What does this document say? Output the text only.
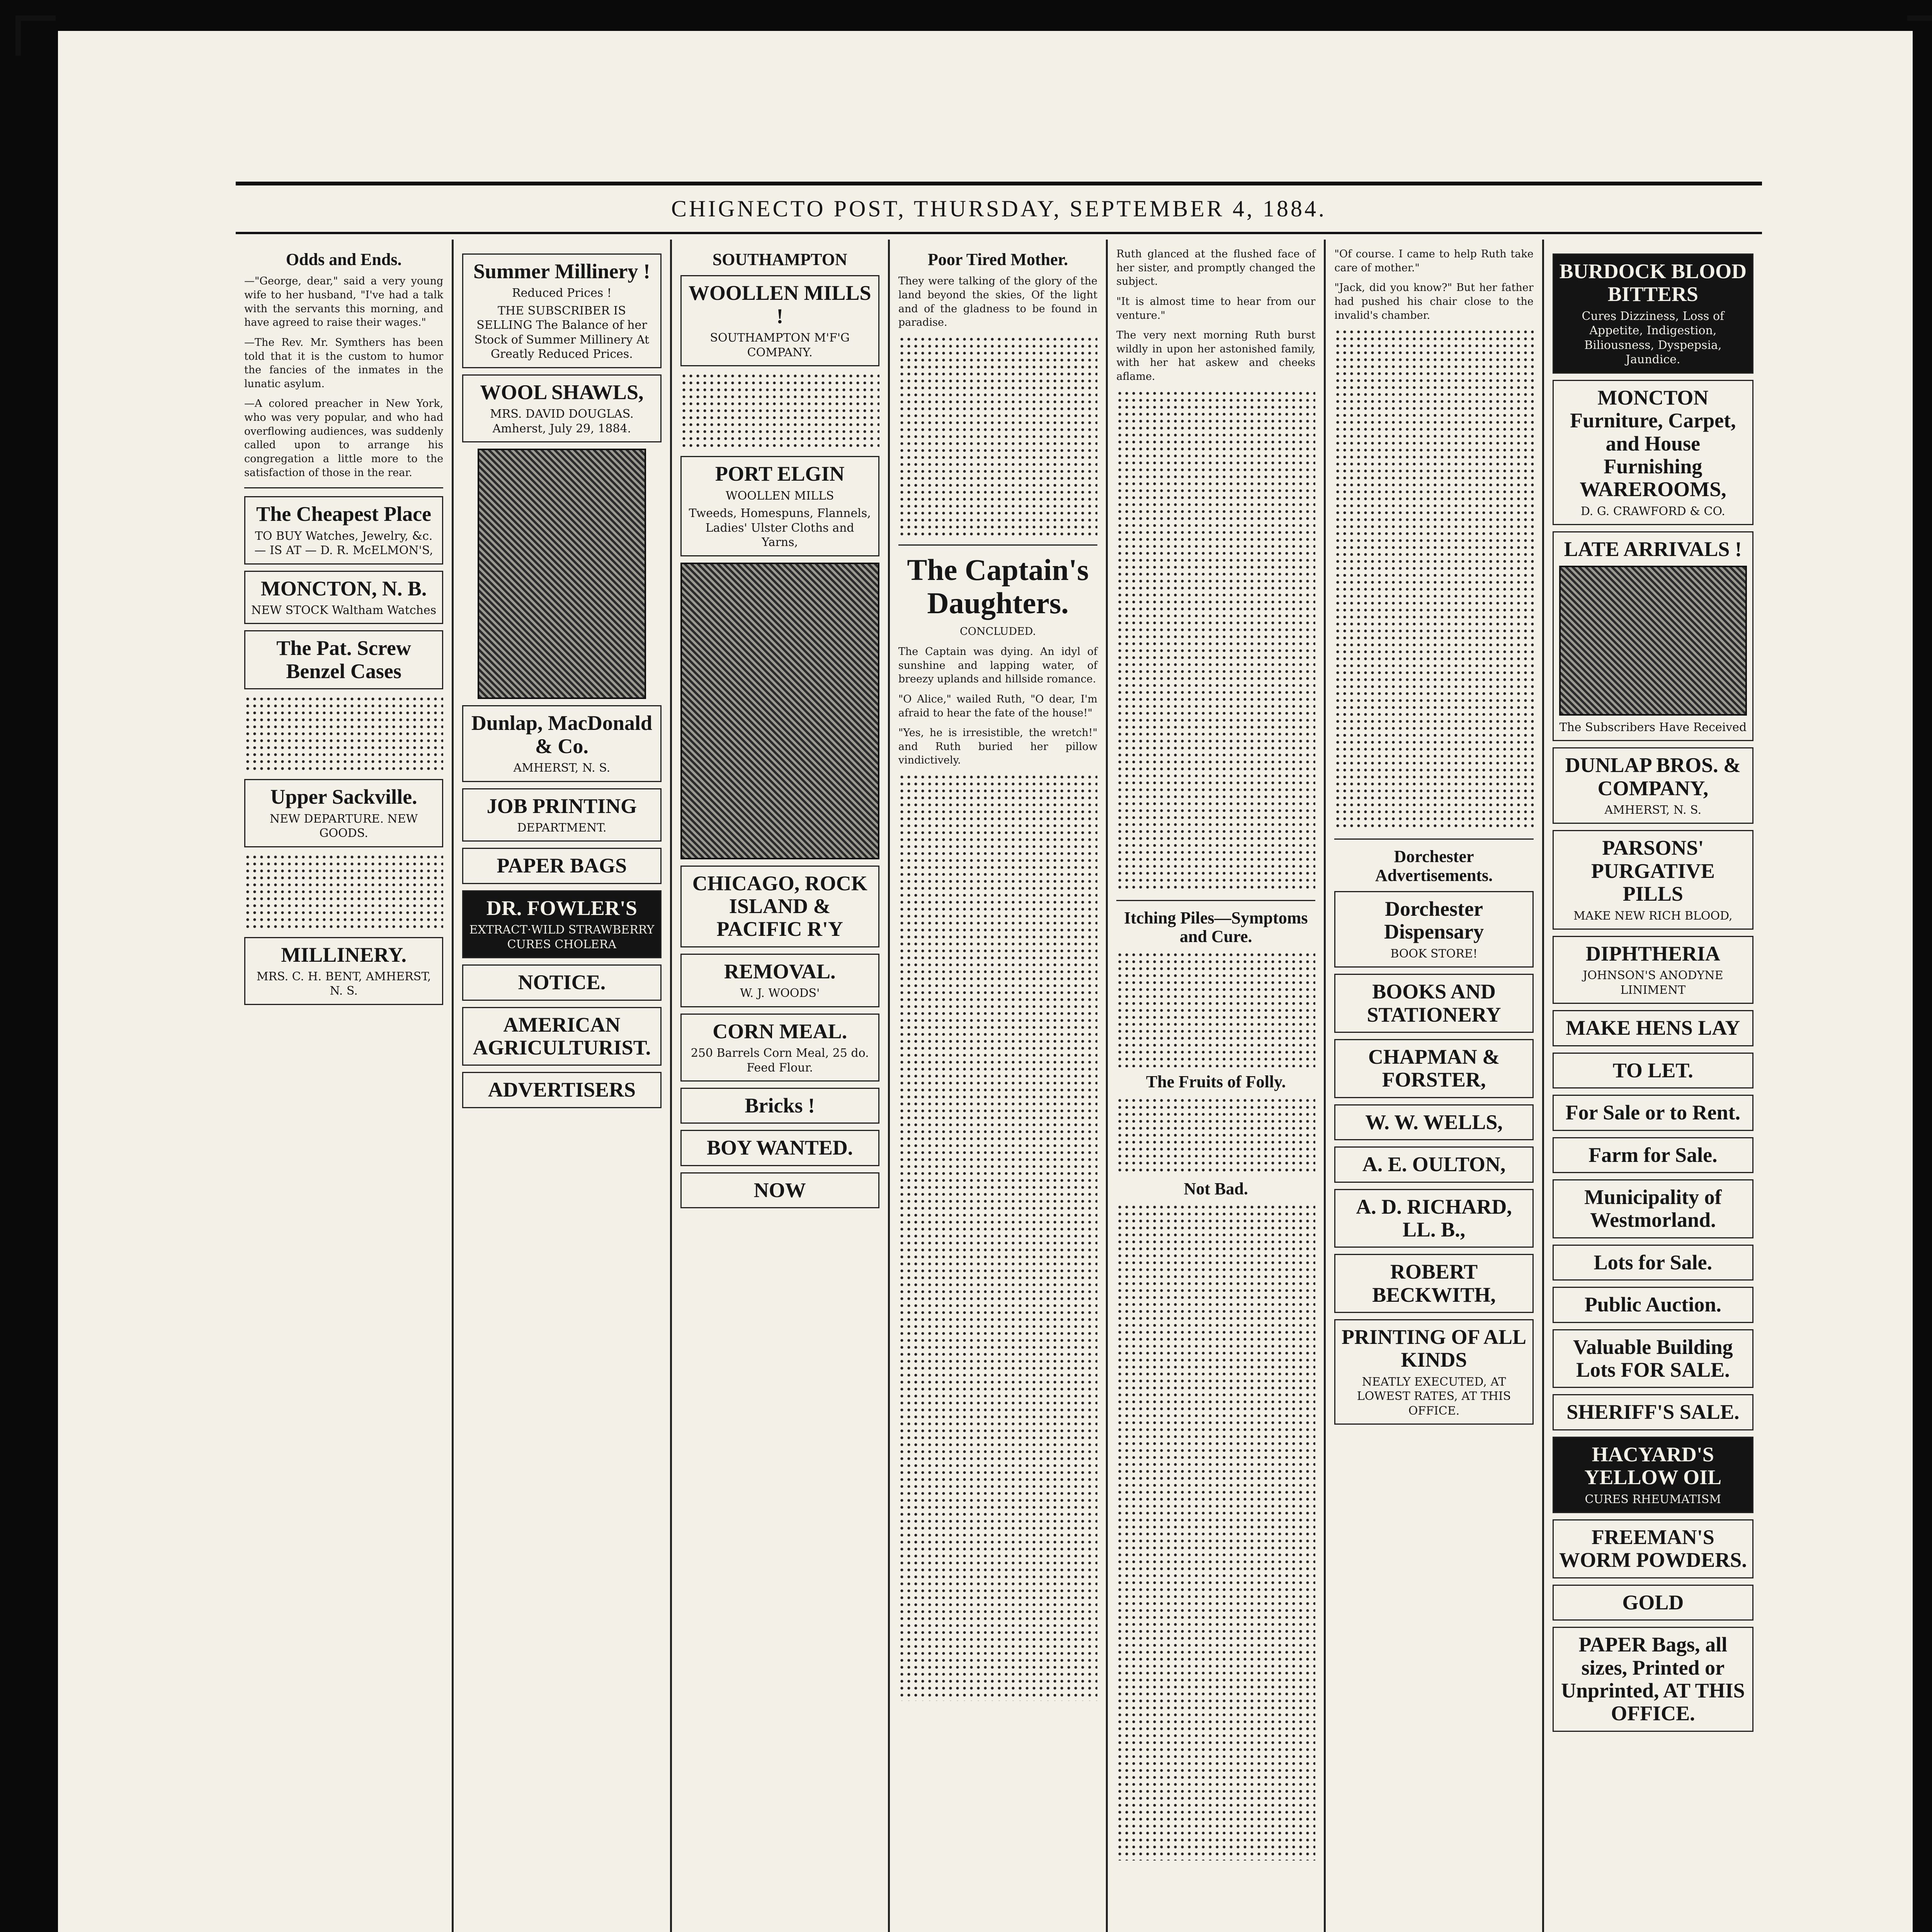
CHIGNECTO POST, THURSDAY, SEPTEMBER 4, 1884.
Odds and Ends.

—"George, dear," said a very young wife to her husband, "I've had a talk with the servants this morning, and have agreed to raise their wages."

—The Rev. Mr. Symthers has been told that it is the custom to humor the fancies of the inmates in the lunatic asylum.

—A colored preacher in New York, who was very popular, and who had overflowing audiences, was suddenly called upon to arrange his congregation a little more to the satisfaction of those in the rear.

The Cheapest Place
TO BUY Watches, Jewelry, &c. — IS AT — D. R. McELMON'S,
MONCTON, N. B.
NEW STOCK Waltham Watches
The Pat. Screw Benzel Cases
Upper Sackville.
NEW DEPARTURE. NEW GOODS.
MILLINERY.
MRS. C. H. BENT, AMHERST, N. S.
Summer Millinery !
Reduced Prices !
THE SUBSCRIBER IS SELLING The Balance of her Stock of Summer Millinery At Greatly Reduced Prices.
WOOL SHAWLS,
MRS. DAVID DOUGLAS. Amherst, July 29, 1884.
Dunlap, MacDonald & Co.
AMHERST, N. S.
JOB PRINTING
DEPARTMENT.
PAPER BAGS
DR. FOWLER'S
EXTRACT·WILD STRAWBERRY CURES CHOLERA
NOTICE.
AMERICAN AGRICULTURIST.
ADVERTISERS
SOUTHAMPTON
WOOLLEN MILLS !
SOUTHAMPTON M'F'G COMPANY.
PORT ELGIN
WOOLLEN MILLS
Tweeds, Homespuns, Flannels, Ladies' Ulster Cloths and Yarns,
CHICAGO, ROCK ISLAND & PACIFIC R'Y
REMOVAL.
W. J. WOODS'
CORN MEAL.
250 Barrels Corn Meal, 25 do. Feed Flour.
Bricks !
BOY WANTED.
NOW
Poor Tired Mother.

They were talking of the glory of the land beyond the skies, Of the light and of the gladness to be found in paradise.

The Captain's Daughters.

CONCLUDED.

The Captain was dying. An idyl of sunshine and lapping water, of breezy uplands and hillside romance.

"O Alice," wailed Ruth, "O dear, I'm afraid to hear the fate of the house!"

"Yes, he is irresistible, the wretch!" and Ruth buried her pillow vindictively.

Ruth glanced at the flushed face of her sister, and promptly changed the subject.

"It is almost time to hear from our venture."

The very next morning Ruth burst wildly in upon her astonished family, with her hat askew and cheeks aflame.

Itching Piles—Symptoms and Cure.
The Fruits of Folly.
Not Bad.

"Of course. I came to help Ruth take care of mother."

"Jack, did you know?" But her father had pushed his chair close to the invalid's chamber.

Dorchester Advertisements.
Dorchester Dispensary
BOOK STORE!
BOOKS AND STATIONERY
CHAPMAN & FORSTER,
W. W. WELLS,
A. E. OULTON,
A. D. RICHARD, LL. B.,
ROBERT BECKWITH,
PRINTING OF ALL KINDS
NEATLY EXECUTED, AT LOWEST RATES, AT THIS OFFICE.
BURDOCK BLOOD BITTERS
Cures Dizziness, Loss of Appetite, Indigestion, Biliousness, Dyspepsia, Jaundice.
MONCTON Furniture, Carpet, and House Furnishing WAREROOMS,
D. G. CRAWFORD & CO.
LATE ARRIVALS !
The Subscribers Have Received
DUNLAP BROS. & COMPANY,
AMHERST, N. S.
PARSONS' PURGATIVE PILLS
MAKE NEW RICH BLOOD,
DIPHTHERIA
JOHNSON'S ANODYNE LINIMENT
MAKE HENS LAY
TO LET.
For Sale or to Rent.
Farm for Sale.
Municipality of Westmorland.
Lots for Sale.
Public Auction.
Valuable Building Lots FOR SALE.
SHERIFF'S SALE.
HACYARD'S YELLOW OIL
CURES RHEUMATISM
FREEMAN'S WORM POWDERS.
GOLD
PAPER Bags, all sizes, Printed or Unprinted, AT THIS OFFICE.
